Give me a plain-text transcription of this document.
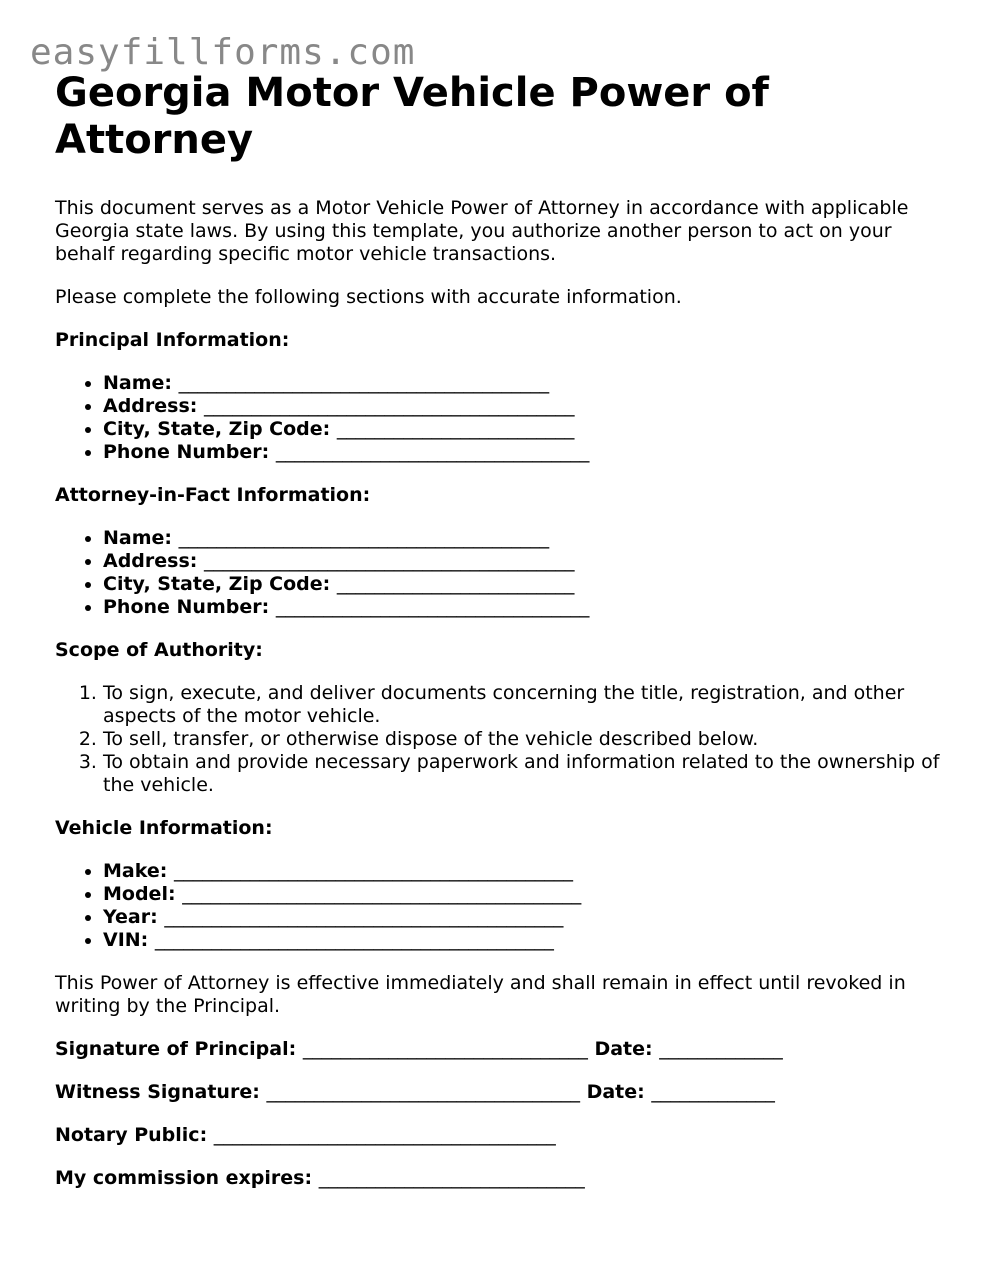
easyfillforms.com
Georgia Motor Vehicle Power of Attorney

This document serves as a Motor Vehicle Power of Attorney in accordance with applicable Georgia state laws. By using this template, you authorize another person to act on your behalf regarding specific motor vehicle transactions.

Please complete the following sections with accurate information.

Principal Information:

• Name: _______________________________________
• Address: _______________________________________
• City, State, Zip Code: _________________________
• Phone Number: _________________________________

Attorney-in-Fact Information:

• Name: _______________________________________
• Address: _______________________________________
• City, State, Zip Code: _________________________
• Phone Number: _________________________________

Scope of Authority:

1. To sign, execute, and deliver documents concerning the title, registration, and other aspects of the motor vehicle.
2. To sell, transfer, or otherwise dispose of the vehicle described below.
3. To obtain and provide necessary paperwork and information related to the ownership of the vehicle.

Vehicle Information:

• Make: __________________________________________
• Model: __________________________________________
• Year: __________________________________________
• VIN: __________________________________________

This Power of Attorney is effective immediately and shall remain in effect until revoked in writing by the Principal.

Signature of Principal: ______________________________ Date: _____________

Witness Signature: _________________________________ Date: _____________

Notary Public: ____________________________________

My commission expires: ____________________________
